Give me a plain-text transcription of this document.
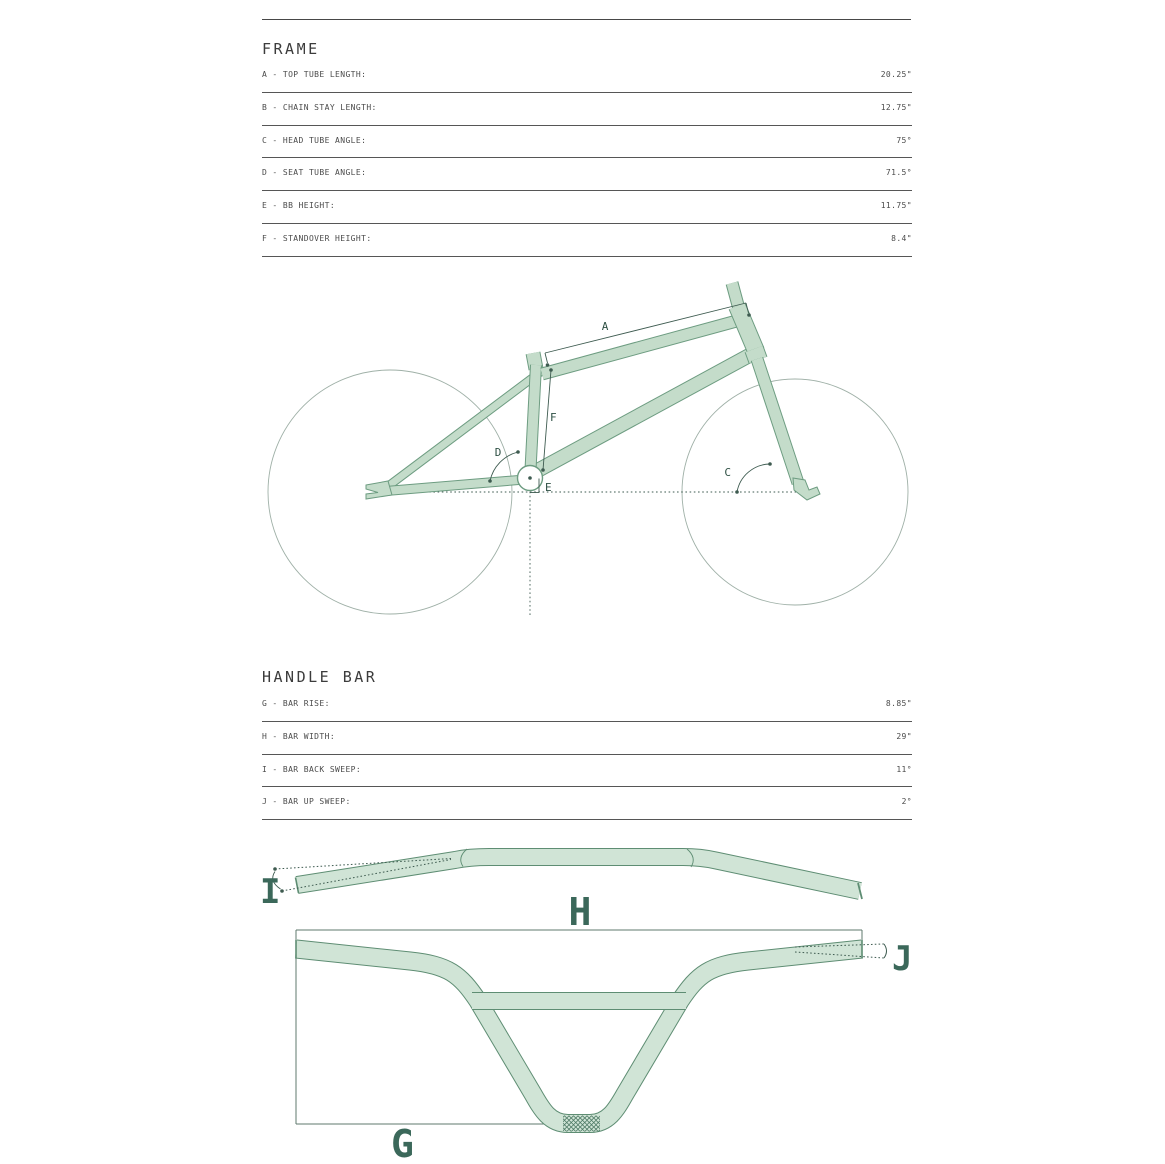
FRAME
A - TOP TUBE LENGTH:	20.25"
B - CHAIN STAY LENGTH:	12.75"
C - HEAD TUBE ANGLE:	75°
D - SEAT TUBE ANGLE:	71.5°
E - BB HEIGHT:	11.75"
F - STANDOVER HEIGHT:	8.4"
A
C
D
E
F
HANDLE BAR
G - BAR RISE:	8.85"
H - BAR WIDTH:	29"
I - BAR BACK SWEEP:	11°
J - BAR UP SWEEP:	2°
I	H
J
G
